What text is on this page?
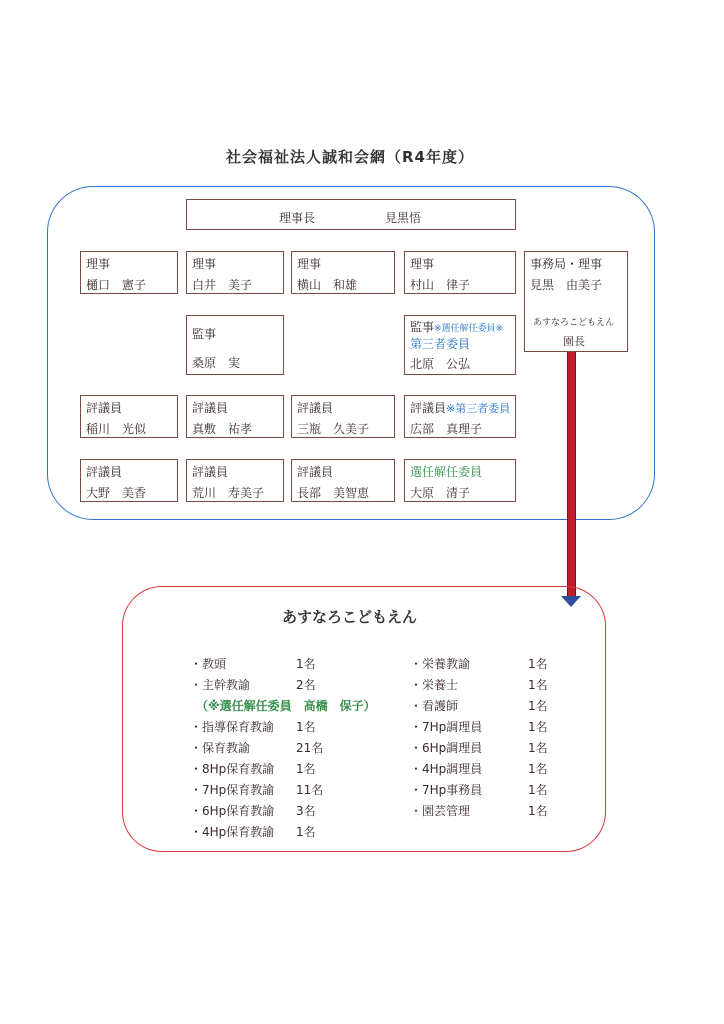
社会福祉法人誠和会網（R4年度）
理事長	見黒悟
理事
樋口　憲子
理事
白井　美子
理事
横山　和雄
理事
村山　律子
事務局・理事
見黒　由美子
あすなろこどもえん
園長
監事
桑原　実
監事※選任解任委員※
第三者委員
北原　公弘
評議員
稲川　光似
評議員
真敷　祐孝
評議員
三瓶　久美子
評議員※第三者委員
広部　真理子
評議員
大野　美香
評議員
荒川　寿美子
評議員
長部　美智恵
選任解任委員
大原　清子
あすなろこどもえん
・教頭	1名
・主幹教諭	2名
・指導保育教諭 1名
・保育教諭	21名
・8Hp保育教諭 1名
・7Hp保育教諭 11名
・6Hp保育教諭 3名
・4Hp保育教諭 1名
（※選任解任委員　高橋　保子）
・栄養教諭	1名
・栄養士	1名
・看護師	1名
・7Hp調理員	1名
・6Hp調理員	1名
・4Hp調理員	1名
・7Hp事務員	1名
・園芸管理	1名
